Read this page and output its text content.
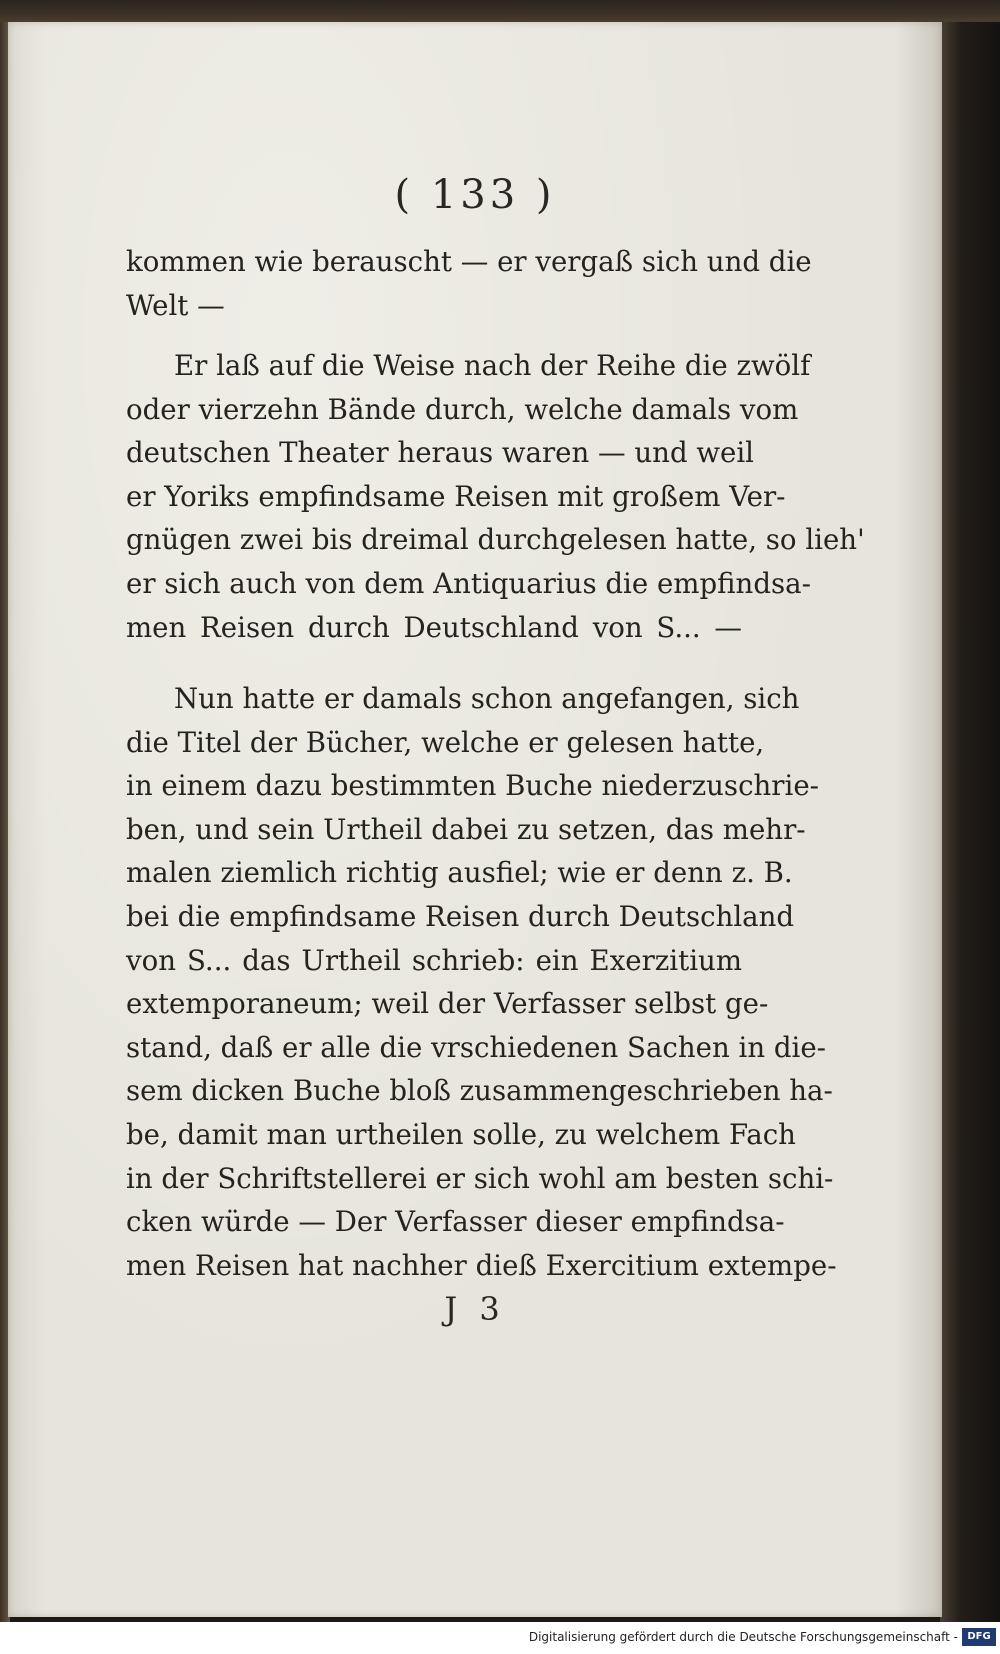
( 133 )
kommen wie berauscht — er vergaß sich und die
Welt —
Er laß auf die Weise nach der Reihe die zwölf
oder vierzehn Bände durch, welche damals vom
deutschen Theater heraus waren — und weil
er Yoriks empfindsame Reisen mit großem Ver-
gnügen zwei bis dreimal durchgelesen hatte, so lieh'
er sich auch von dem Antiquarius die empfindsa-
men Reisen durch Deutschland von S... —
Nun hatte er damals schon angefangen, sich
die Titel der Bücher, welche er gelesen hatte,
in einem dazu bestimmten Buche niederzuschrie-
ben, und sein Urtheil dabei zu setzen, das mehr-
malen ziemlich richtig ausfiel; wie er denn z. B.
bei die empfindsame Reisen durch Deutschland
von S... das Urtheil schrieb: ein Exerzitium
extemporaneum; weil der Verfasser selbst ge-
stand, daß er alle die vrschiedenen Sachen in die-
sem dicken Buche bloß zusammengeschrieben ha-
be, damit man urtheilen solle, zu welchem Fach
in der Schriftstellerei er sich wohl am besten schi-
cken würde — Der Verfasser dieser empfindsa-
men Reisen hat nachher dieß Exercitium extempe-
J 3
Digitalisierung gefördert durch die Deutsche Forschungsgemeinschaft - DFG
